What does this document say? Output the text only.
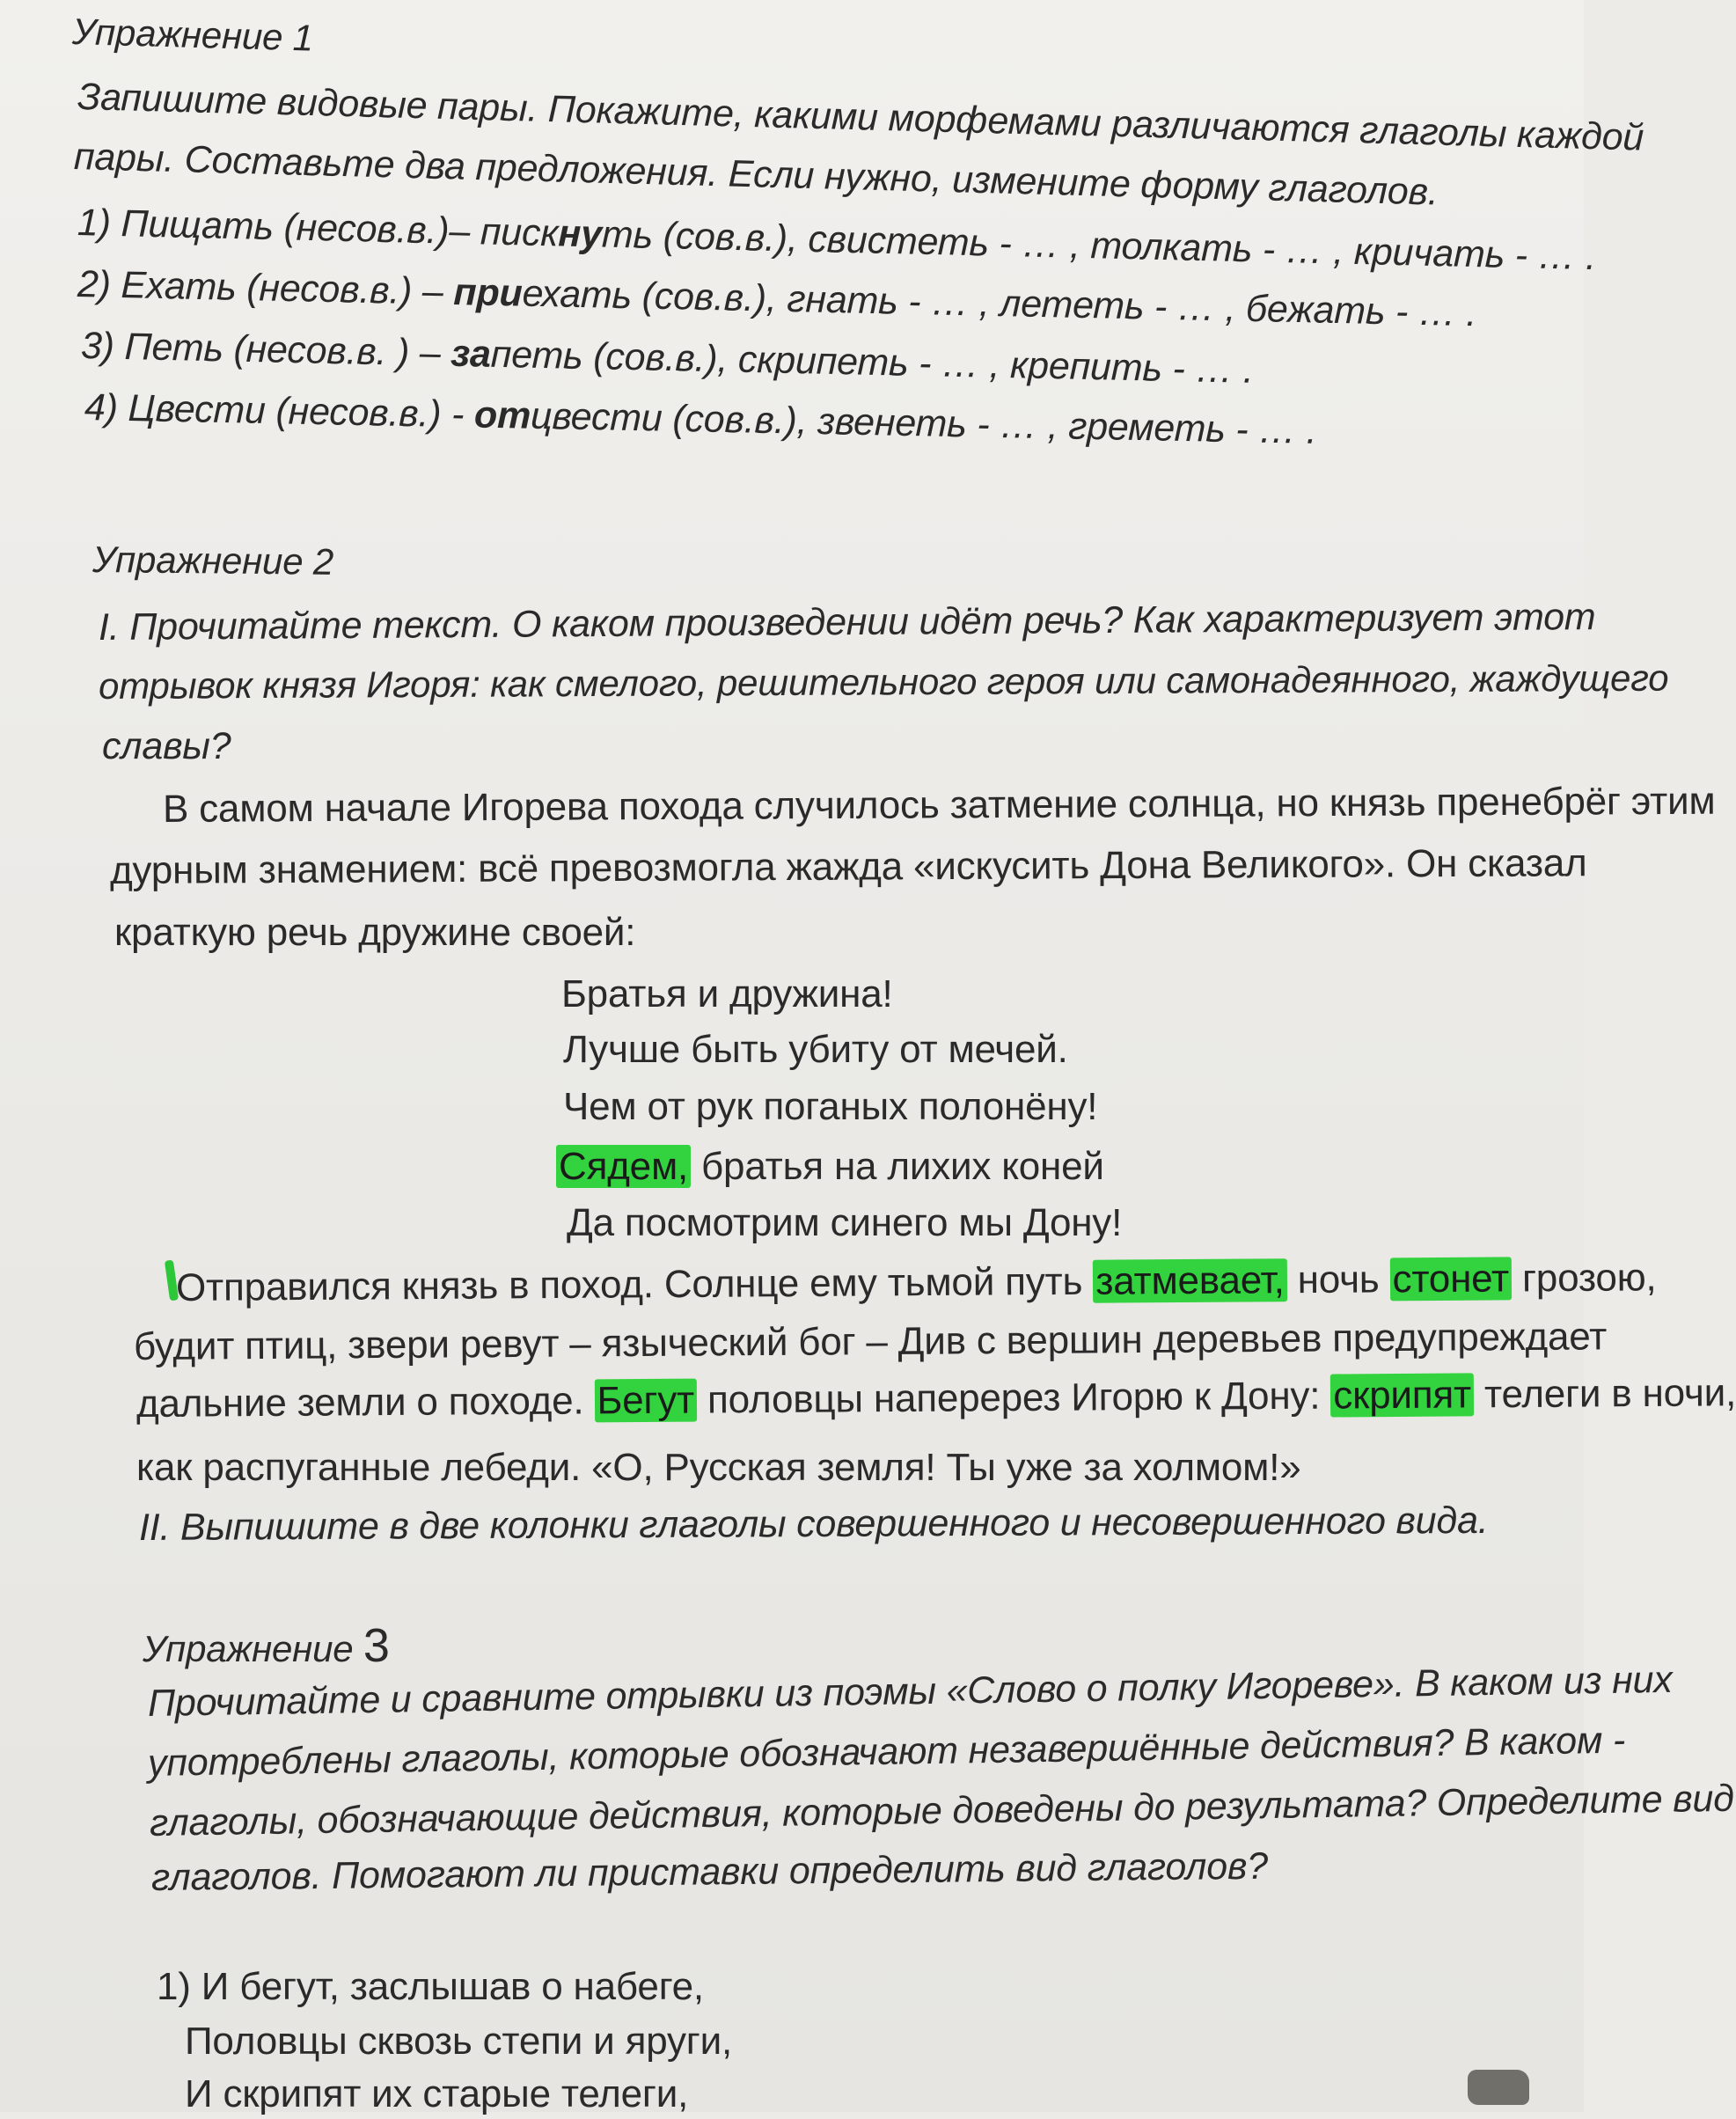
Упражнение 1
Запишите видовые пары. Покажите, какими морфемами различаются глаголы каждой
пары. Составьте два предложения. Если нужно, измените форму глаголов.
1) Пищать (несов.в.)– пискнуть (сов.в.), свистеть - … , толкать - … , кричать - … .
2) Ехать (несов.в.) – приехать (сов.в.), гнать - … , лететь - … , бежать - … .
3) Петь (несов.в. ) – запеть (сов.в.), скрипеть - … , крепить - … .
4) Цвести (несов.в.) - отцвести (сов.в.), звенеть - … , греметь - … .
Упражнение 2
I. Прочитайте текст. О каком произведении идёт речь? Как характеризует этот
отрывок князя Игоря: как смелого, решительного героя или самонадеянного, жаждущего
славы?
В самом начале Игорева похода случилось затмение солнца, но князь пренебрёг этим
дурным знамением: всё превозмогла жажда «искусить Дона Великого». Он сказал
краткую речь дружине своей:
Братья и дружина!
Лучше быть убиту от мечей.
Чем от рук поганых полонёну!
Сядем, братья на лихих коней
Да посмотрим синего мы Дону!
Отправился князь в поход. Солнце ему тьмой путь затмевает, ночь стонет грозою,
будит птиц, звери ревут – языческий бог – Див с вершин деревьев предупреждает
дальние земли о походе. Бегут половцы наперерез Игорю к Дону: скрипят телеги в ночи,
как распуганные лебеди. «О, Русская земля! Ты уже за холмом!»
II. Выпишите в две колонки глаголы совершенного и несовершенного вида.
Упражнение 3
Прочитайте и сравните отрывки из поэмы «Слово о полку Игореве». В каком из них
употреблены глаголы, которые обозначают незавершённые действия? В каком -
глаголы, обозначающие действия, которые доведены до результата? Определите вид
глаголов. Помогают ли приставки определить вид глаголов?
1) И бегут, заслышав о набеге,
Половцы сквозь степи и яруги,
И скрипят их старые телеги,
